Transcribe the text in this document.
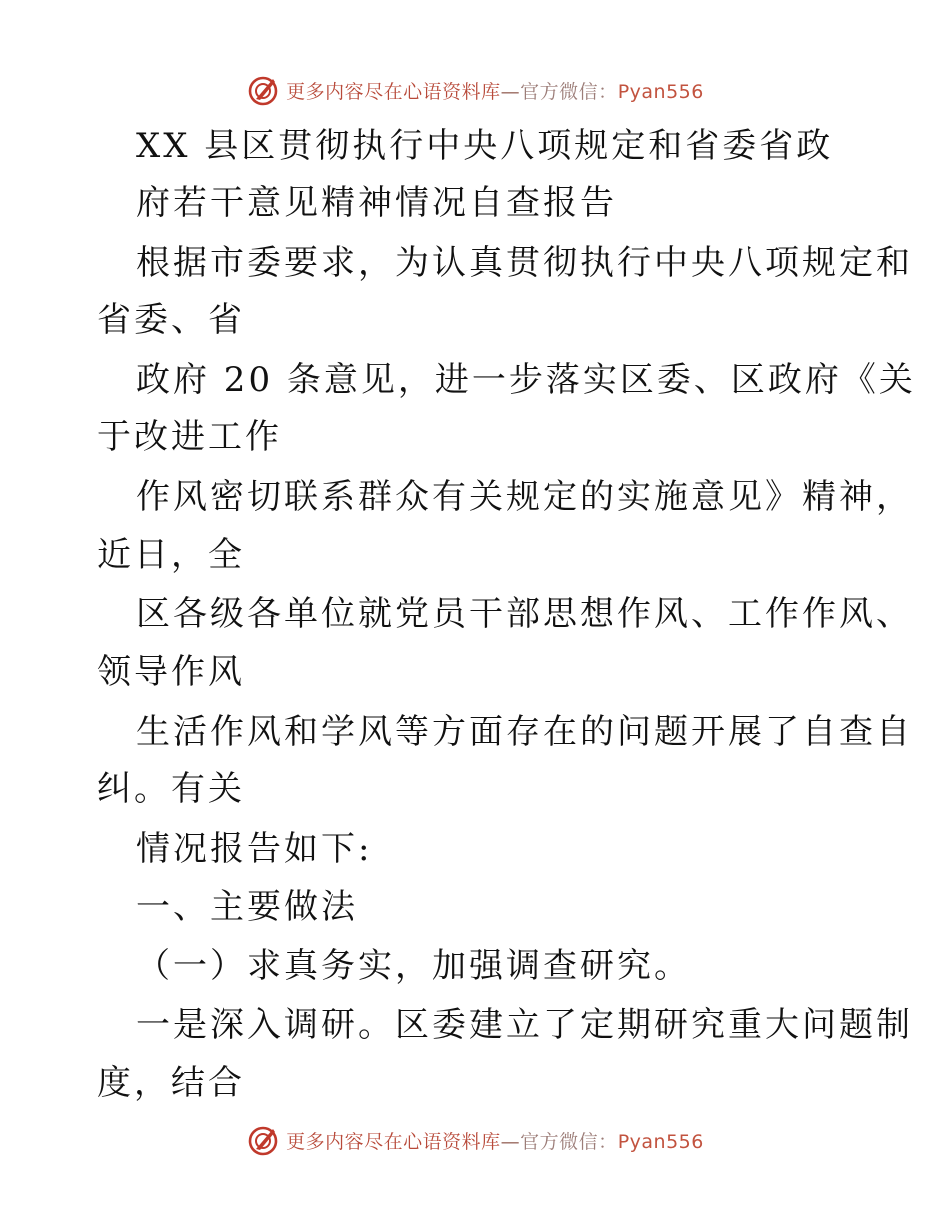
更多内容尽在心语资料库—官方微信：Pyan556
XX 县区贯彻执行中央八项规定和省委省政
府若干意见精神情况自查报告
根据市委要求，为认真贯彻执行中央八项规定和
省委、省
政府 20 条意见，进一步落实区委、区政府《关
于改进工作
作风密切联系群众有关规定的实施意见》精神，
近日，全
区各级各单位就党员干部思想作风、工作作风、
领导作风
生活作风和学风等方面存在的问题开展了自查自
纠。有关
情况报告如下:
一、主要做法
（一）求真务实，加强调查研究。
一是深入调研。区委建立了定期研究重大问题制
度，结合
更多内容尽在心语资料库—官方微信：Pyan556
